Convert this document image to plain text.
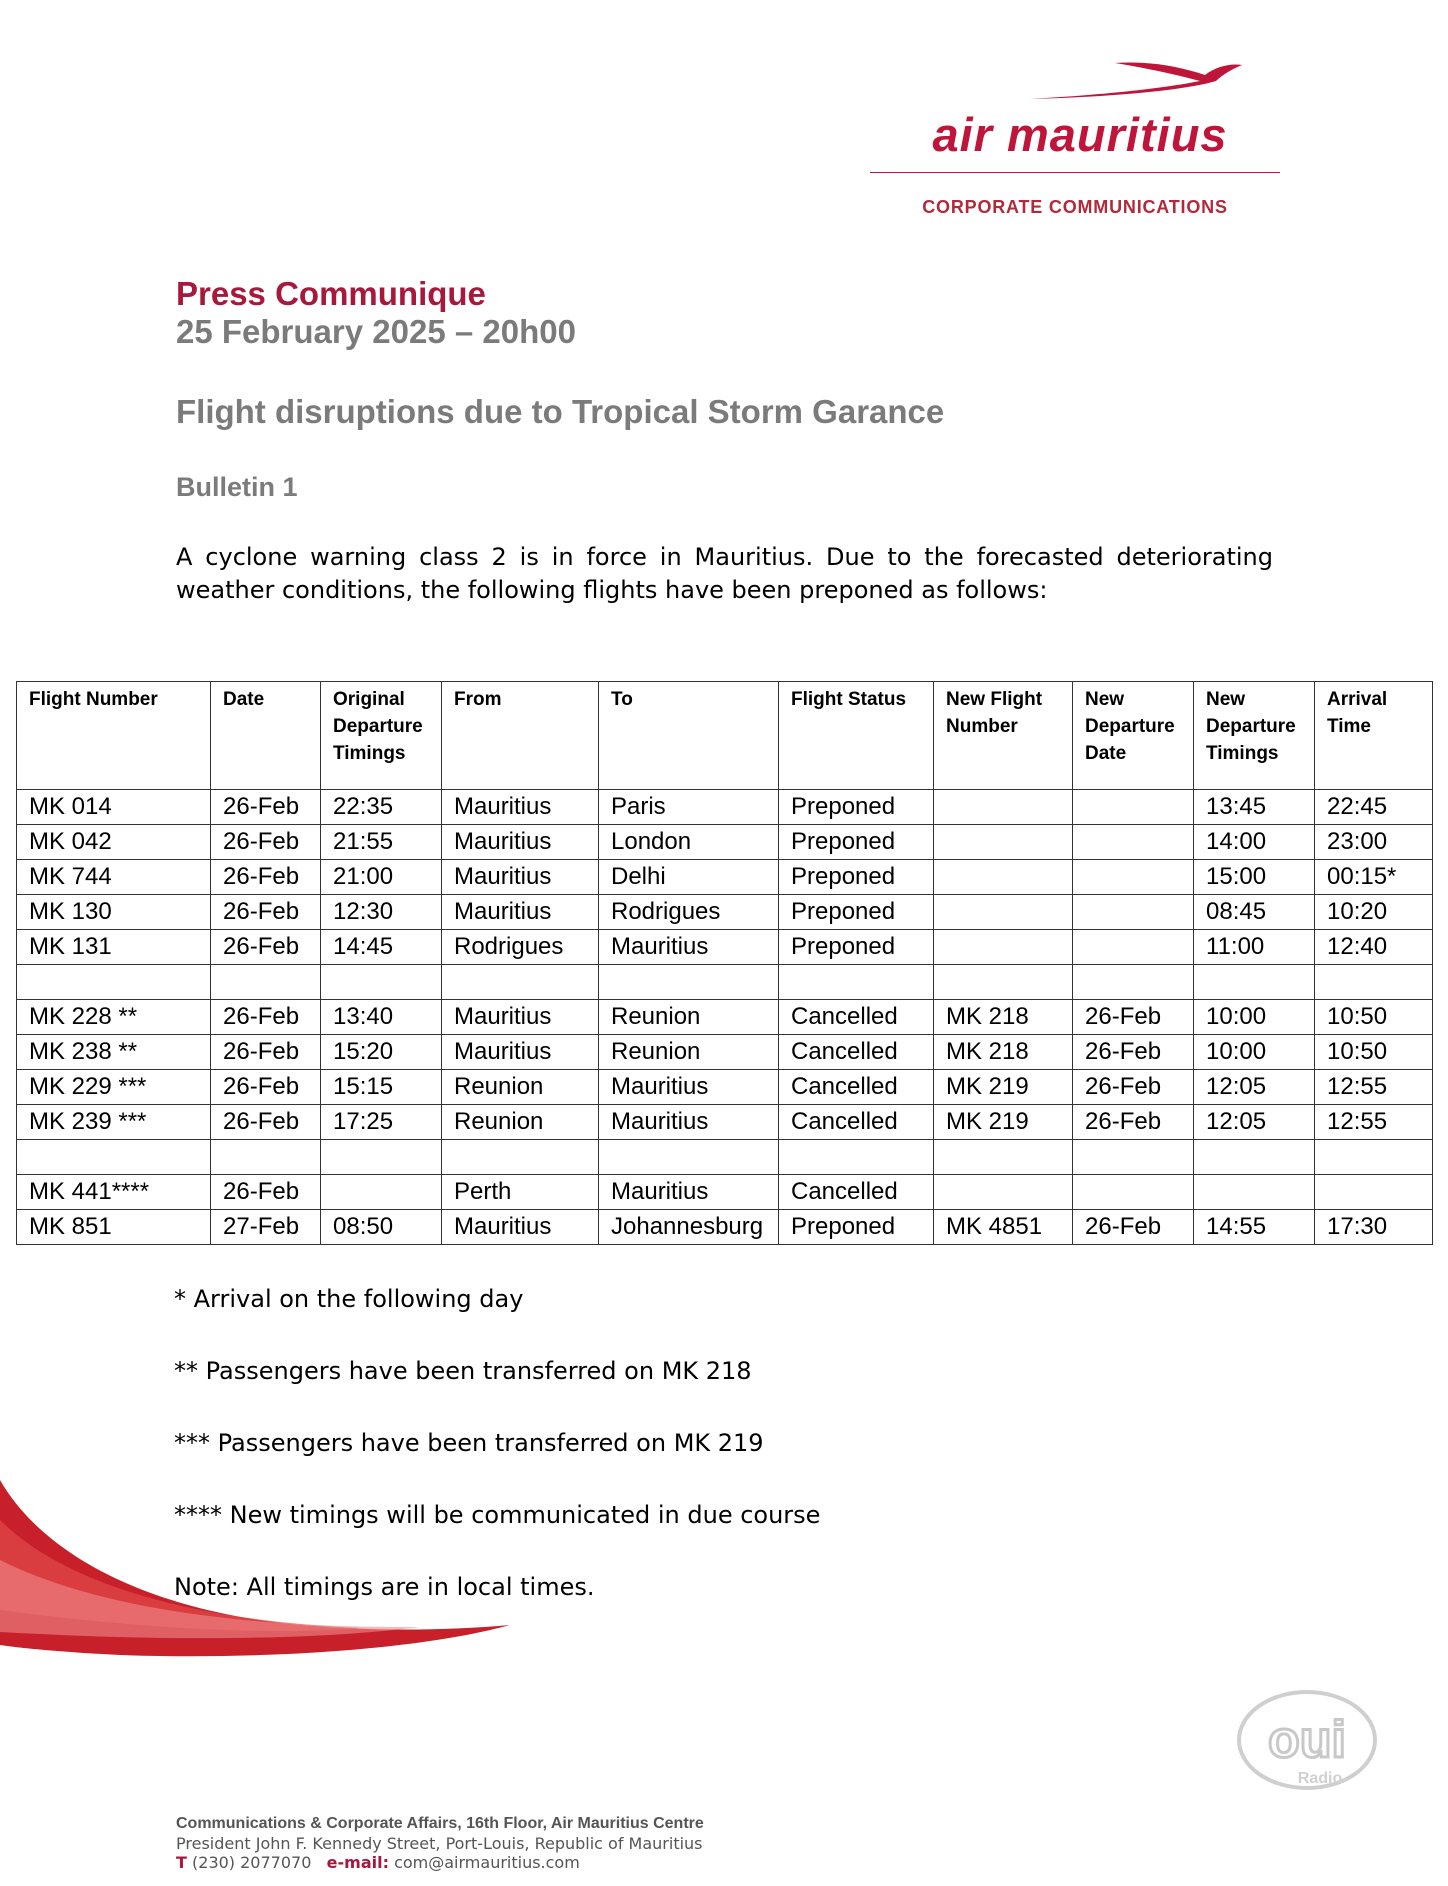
air mauritius
CORPORATE COMMUNICATIONS
Press Communique
25 February 2025 – 20h00
Flight disruptions due to Tropical Storm Garance
Bulletin 1
A cyclone warning class 2 is in force in Mauritius. Due to the forecasted deteriorating weather conditions, the following flights have been preponed as follows:
Flight Number	Date	Original Departure Timings	From	To	Flight Status	New Flight Number	New Departure Date	New Departure Timings	Arrival Time
MK 014	26-Feb	22:35	Mauritius	Paris	Preponed			13:45	22:45
MK 042	26-Feb	21:55	Mauritius	London	Preponed			14:00	23:00
MK 744	26-Feb	21:00	Mauritius	Delhi	Preponed			15:00	00:15*
MK 130	26-Feb	12:30	Mauritius	Rodrigues	Preponed			08:45	10:20
MK 131	26-Feb	14:45	Rodrigues	Mauritius	Preponed			11:00	12:40

MK 228 **	26-Feb	13:40	Mauritius	Reunion	Cancelled	MK 218	26-Feb	10:00	10:50
MK 238 **	26-Feb	15:20	Mauritius	Reunion	Cancelled	MK 218	26-Feb	10:00	10:50
MK 229 ***	26-Feb	15:15	Reunion	Mauritius	Cancelled	MK 219	26-Feb	12:05	12:55
MK 239 ***	26-Feb	17:25	Reunion	Mauritius	Cancelled	MK 219	26-Feb	12:05	12:55

MK 441****	26-Feb		Perth	Mauritius	Cancelled				
MK 851	27-Feb	08:50	Mauritius	Johannesburg	Preponed	MK 4851	26-Feb	14:55	17:30
* Arrival on the following day
** Passengers have been transferred on MK 218
*** Passengers have been transferred on MK 219
**** New timings will be communicated in due course
Note: All timings are in local times.
oui
Radio
Communications & Corporate Affairs, 16th Floor, Air Mauritius Centre
President John F. Kennedy Street, Port-Louis, Republic of Mauritius
T (230) 2077070 e-mail: com@airmauritius.com
